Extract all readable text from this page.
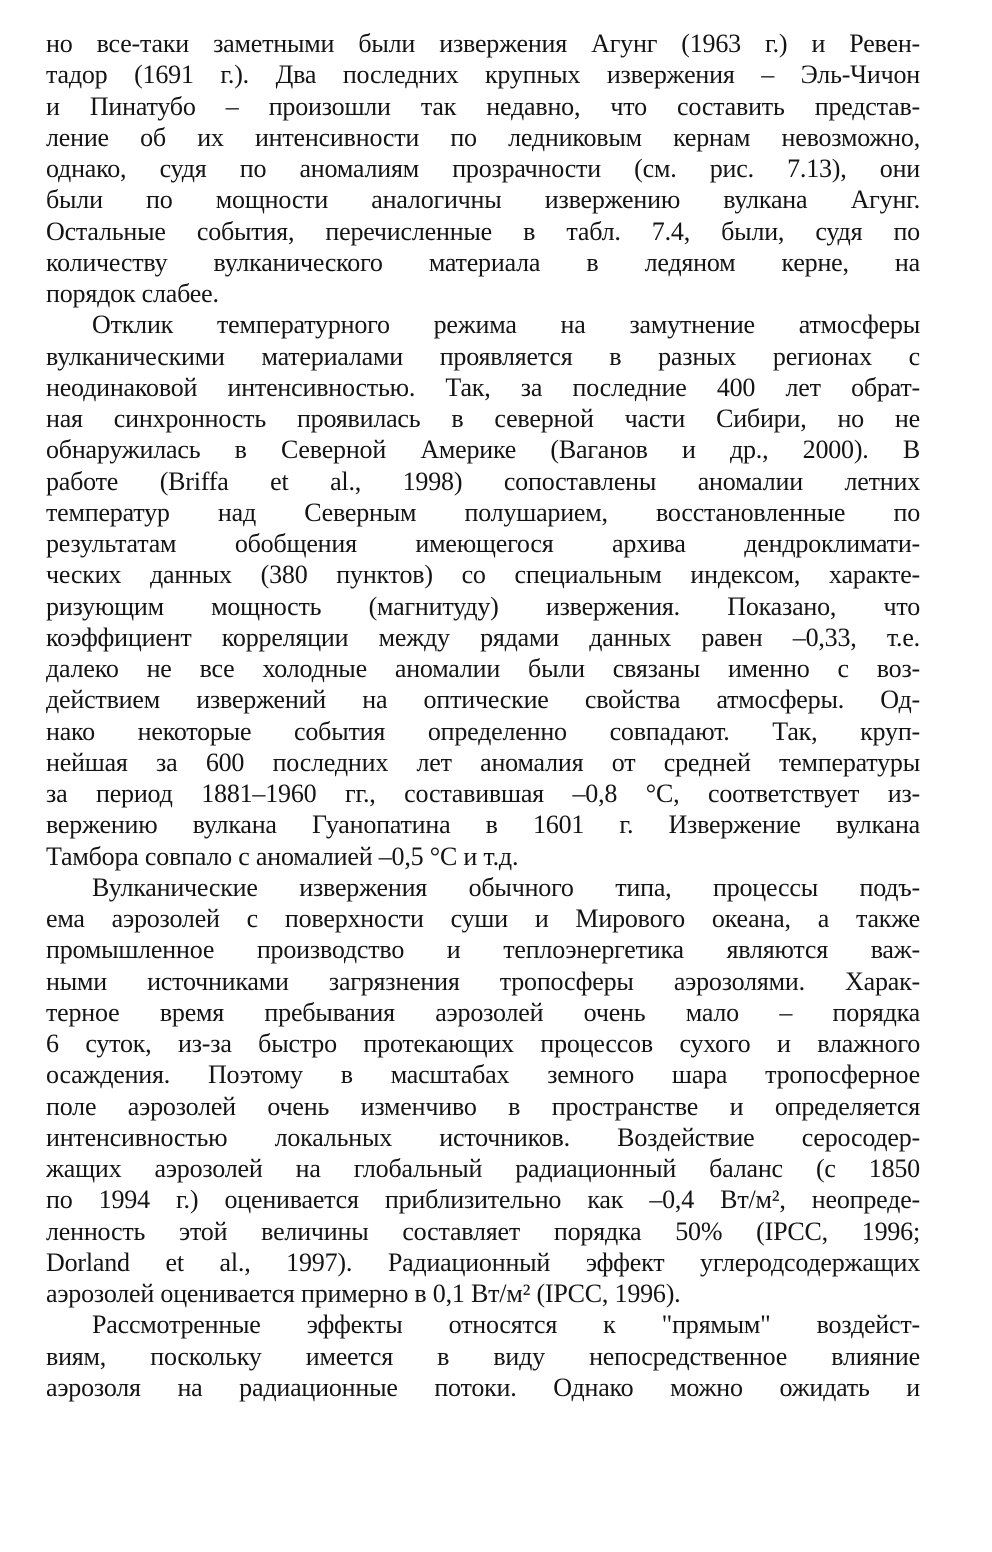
но все-таки заметными были извержения Агунг (1963 г.) и Ревен-
тадор (1691 г.). Два последних крупных извержения – Эль-Чичон
и Пинатубо – произошли так недавно, что составить представ-
ление об их интенсивности по ледниковым кернам невозможно,
однако, судя по аномалиям прозрачности (см. рис. 7.13), они
были по мощности аналогичны извержению вулкана Агунг.
Остальные события, перечисленные в табл. 7.4, были, судя по
количеству вулканического материала в ледяном керне, на
порядок слабее.

Отклик температурного режима на замутнение атмосферы
вулканическими материалами проявляется в разных регионах с
неодинаковой интенсивностью. Так, за последние 400 лет обрат-
ная синхронность проявилась в северной части Сибири, но не
обнаружилась в Северной Америке (Ваганов и др., 2000). В
работе (Briffa et al., 1998) сопоставлены аномалии летних
температур над Северным полушарием, восстановленные по
результатам обобщения имеющегося архива дендроклимати-
ческих данных (380 пунктов) со специальным индексом, характе-
ризующим мощность (магнитуду) извержения. Показано, что
коэффициент корреляции между рядами данных равен –0,33, т.е.
далеко не все холодные аномалии были связаны именно с воз-
действием извержений на оптические свойства атмосферы. Од-
нако некоторые события определенно совпадают. Так, круп-
нейшая за 600 последних лет аномалия от средней температуры
за период 1881–1960 гг., составившая –0,8 °С, соответствует из-
вержению вулкана Гуанопатина в 1601 г. Извержение вулкана
Тамбора совпало с аномалией –0,5 °С и т.д.

Вулканические извержения обычного типа, процессы подъ-
ема аэрозолей с поверхности суши и Мирового океана, а также
промышленное производство и теплоэнергетика являются важ-
ными источниками загрязнения тропосферы аэрозолями. Харак-
терное время пребывания аэрозолей очень мало – порядка
6 суток, из-за быстро протекающих процессов сухого и влажного
осаждения. Поэтому в масштабах земного шара тропосферное
поле аэрозолей очень изменчиво в пространстве и определяется
интенсивностью локальных источников. Воздействие серосодер-
жащих аэрозолей на глобальный радиационный баланс (с 1850
по 1994 г.) оценивается приблизительно как –0,4 Вт/м², неопреде-
ленность этой величины составляет порядка 50% (IPCC, 1996;
Dorland et al., 1997). Радиационный эффект углеродсодержащих
аэрозолей оценивается примерно в 0,1 Вт/м² (IPCC, 1996).

Рассмотренные эффекты относятся к "прямым" воздейст-
виям, поскольку имеется в виду непосредственное влияние
аэрозоля на радиационные потоки. Однако можно ожидать и
